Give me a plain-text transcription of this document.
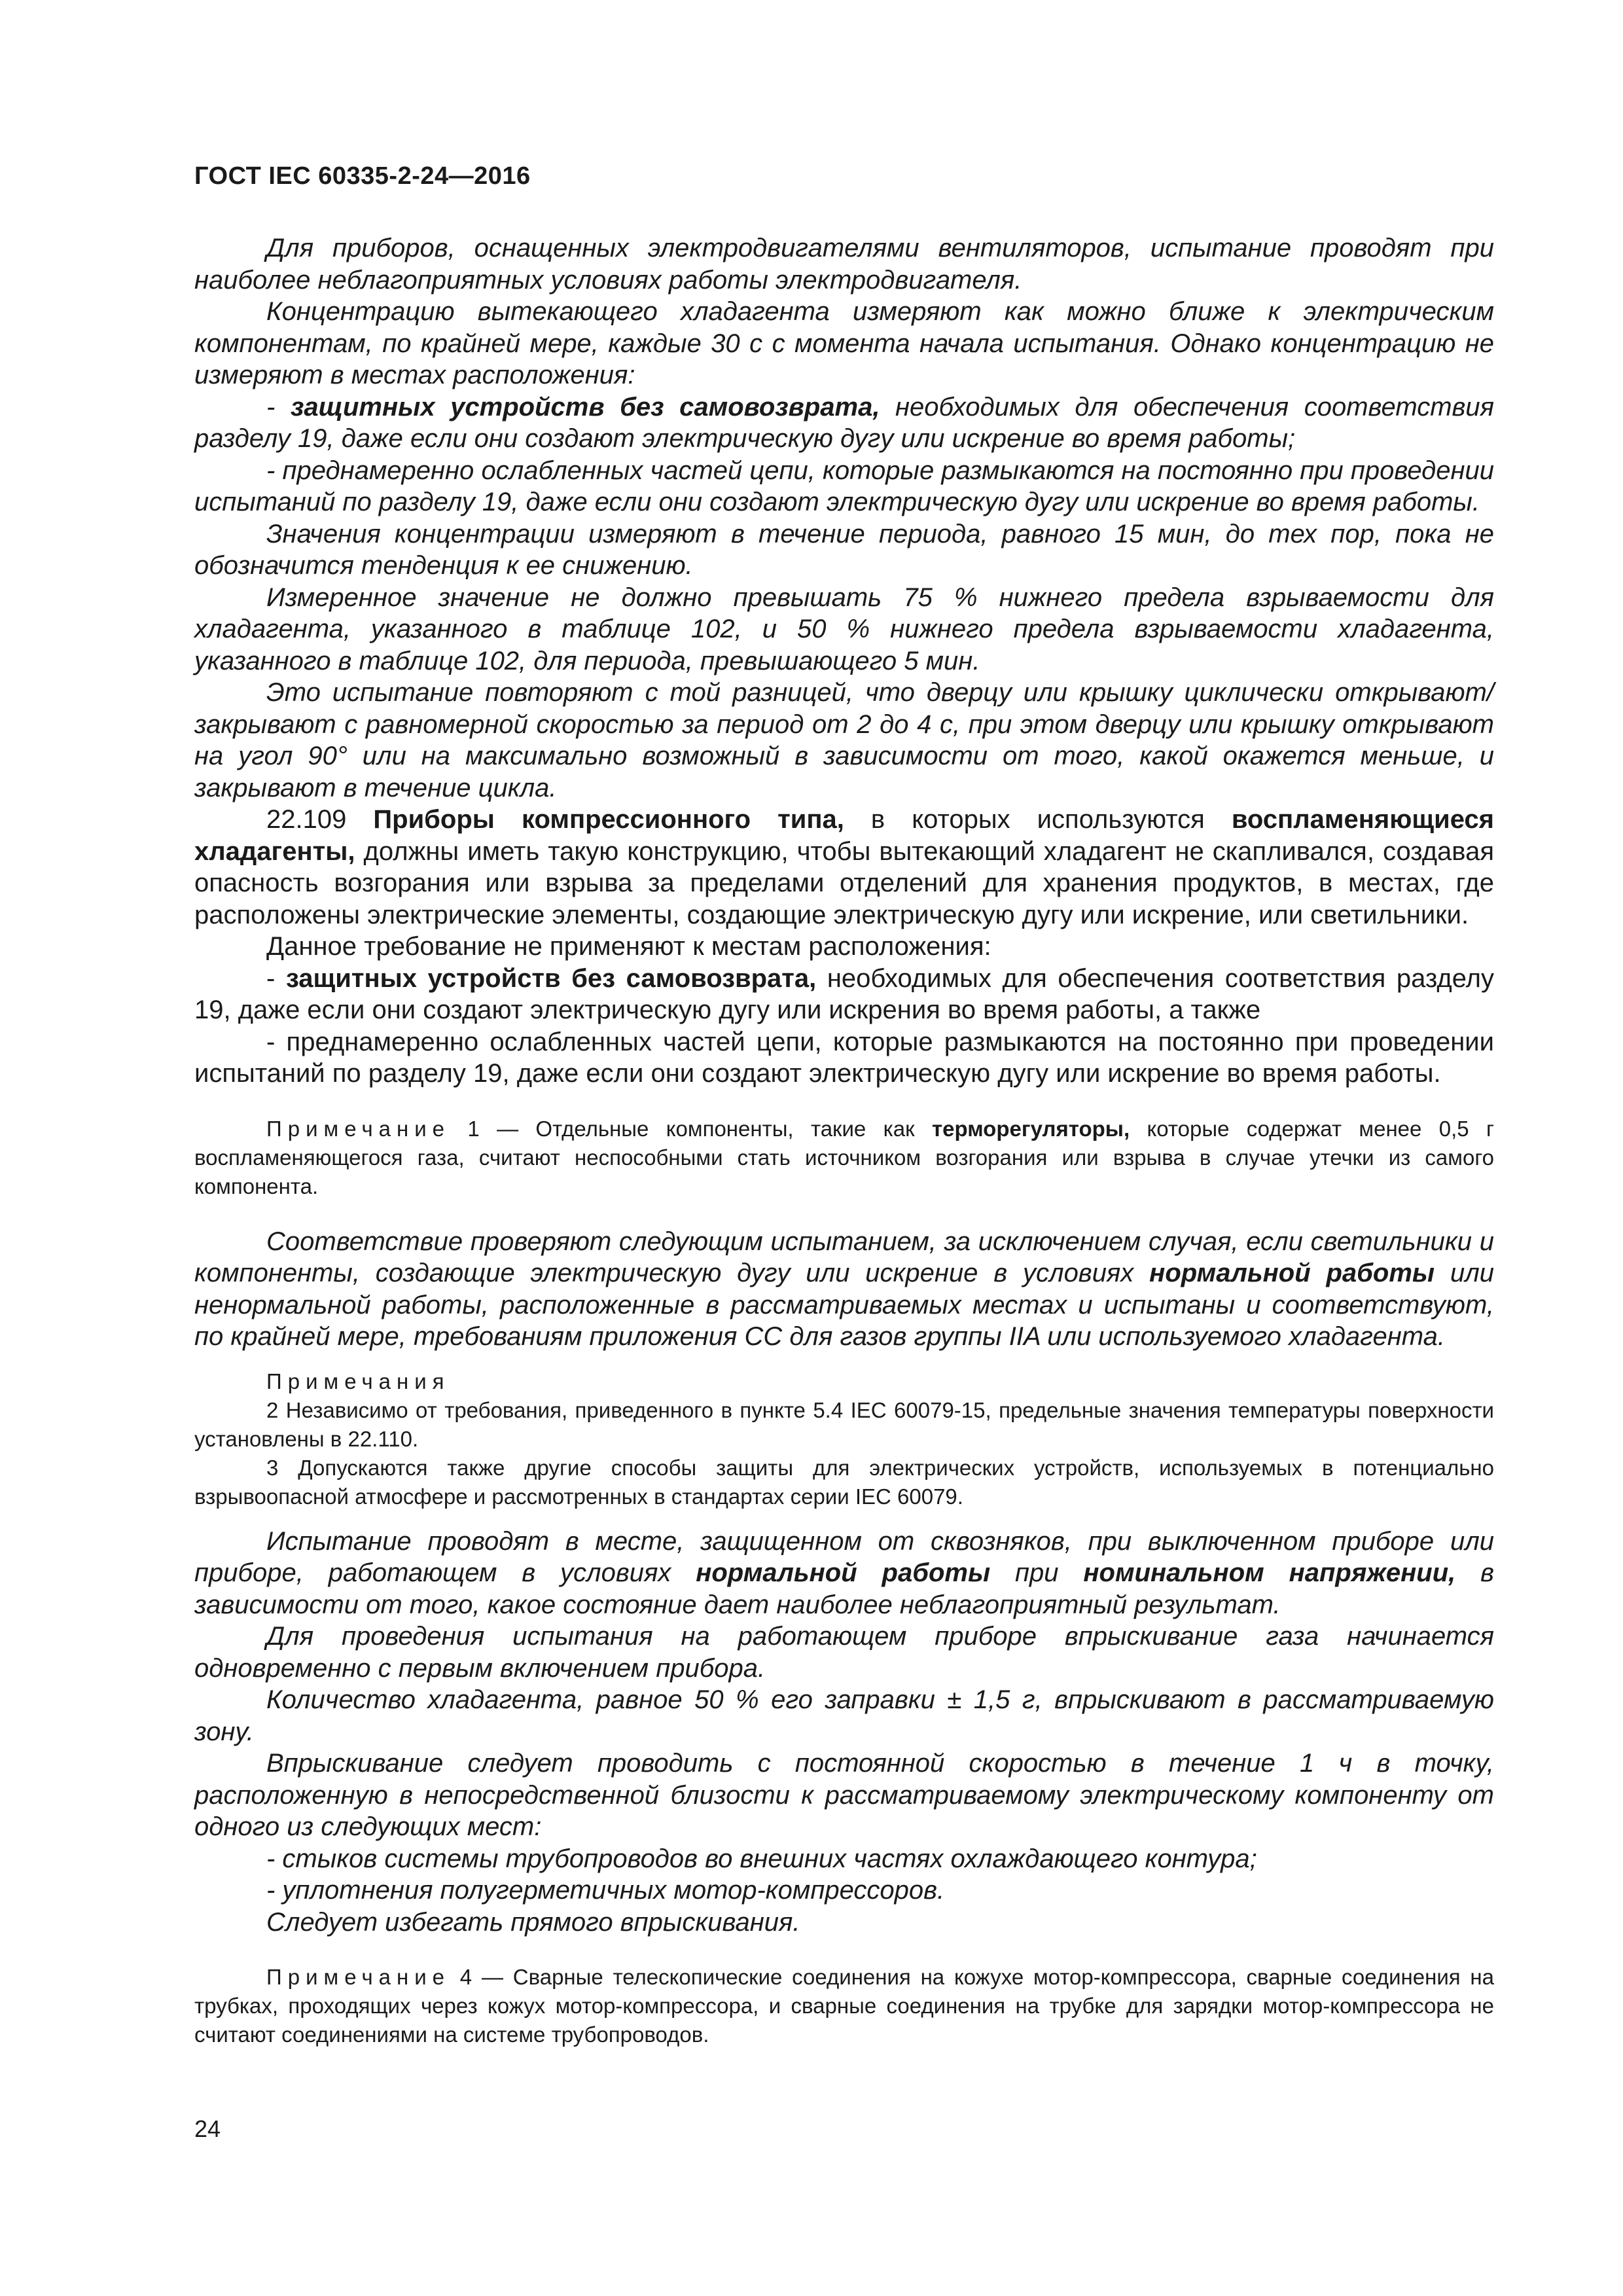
ГОСТ IEC 60335-2-24—2016

Для приборов, оснащенных электродвигателями вентиляторов, испытание проводят при наиболее неблагоприятных условиях работы электродвигателя.

Концентрацию вытекающего хладагента измеряют как можно ближе к электрическим компонентам, по крайней мере, каждые 30 с с момента начала испытания. Однако концентрацию не измеряют в местах расположения:

- защитных устройств без самовозврата, необходимых для обеспечения соответствия разделу 19, даже если они создают электрическую дугу или искрение во время работы;

- преднамеренно ослабленных частей цепи, которые размыкаются на постоянно при проведении испытаний по разделу 19, даже если они создают электрическую дугу или искрение во время работы.

Значения концентрации измеряют в течение периода, равного 15 мин, до тех пор, пока не обозначится тенденция к ее снижению.

Измеренное значение не должно превышать 75 % нижнего предела взрываемости для хладагента, указанного в таблице 102, и 50 % нижнего предела взрываемости хладагента, указанного в таблице 102, для периода, превышающего 5 мин.

Это испытание повторяют с той разницей, что дверцу или крышку циклически открывают/закрывают с равномерной скоростью за период от 2 до 4 с, при этом дверцу или крышку открывают на угол 90° или на максимально возможный в зависимости от того, какой окажется меньше, и закрывают в течение цикла.

22.109 Приборы компрессионного типа, в которых используются воспламеняющиеся хладагенты, должны иметь такую конструкцию, чтобы вытекающий хладагент не скапливался, создавая опасность возгорания или взрыва за пределами отделений для хранения продуктов, в местах, где расположены электрические элементы, создающие электрическую дугу или искрение, или светильники.

Данное требование не применяют к местам расположения:

- защитных устройств без самовозврата, необходимых для обеспечения соответствия разделу 19, даже если они создают электрическую дугу или искрения во время работы, а также

- преднамеренно ослабленных частей цепи, которые размыкаются на постоянно при проведении испытаний по разделу 19, даже если они создают электрическую дугу или искрение во время работы.

Примечание 1 — Отдельные компоненты, такие как терморегуляторы, которые содержат менее 0,5 г воспламеняющегося газа, считают неспособными стать источником возгорания или взрыва в случае утечки из самого компонента.

Соответствие проверяют следующим испытанием, за исключением случая, если светильники и компоненты, создающие электрическую дугу или искрение в условиях нормальной работы или ненормальной работы, расположенные в рассматриваемых местах и испытаны и соответствуют, по крайней мере, требованиям приложения СС для газов группы IIA или используемого хладагента.

Примечания

2 Независимо от требования, приведенного в пункте 5.4 IEC 60079-15, предельные значения температуры поверхности установлены в 22.110.

3 Допускаются также другие способы защиты для электрических устройств, используемых в потенциально взрывоопасной атмосфере и рассмотренных в стандартах серии IEC 60079.

Испытание проводят в месте, защищенном от сквозняков, при выключенном приборе или приборе, работающем в условиях нормальной работы при номинальном напряжении, в зависимости от того, какое состояние дает наиболее неблагоприятный результат.

Для проведения испытания на работающем приборе впрыскивание газа начинается одновременно с первым включением прибора.

Количество хладагента, равное 50 % его заправки ± 1,5 г, впрыскивают в рассматриваемую зону.

Впрыскивание следует проводить с постоянной скоростью в течение 1 ч в точку, расположенную в непосредственной близости к рассматриваемому электрическому компоненту от одного из следующих мест:

- стыков системы трубопроводов во внешних частях охлаждающего контура;

- уплотнения полугерметичных мотор-компрессоров.

Следует избегать прямого впрыскивания.

Примечание 4 — Сварные телескопические соединения на кожухе мотор-компрессора, сварные соединения на трубках, проходящих через кожух мотор-компрессора, и сварные соединения на трубке для зарядки мотор-компрессора не считают соединениями на системе трубопроводов.

24
